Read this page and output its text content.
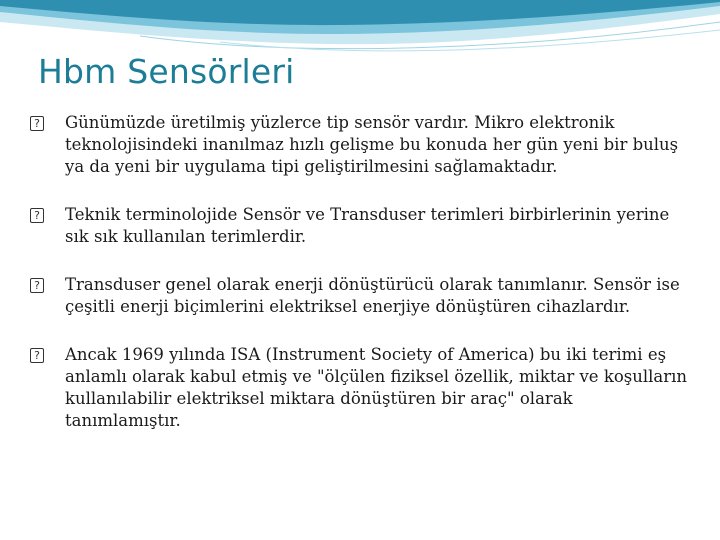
Hbm Sensörleri
? Günümüzde üretilmiş yüzlerce tip sensör vardır. Mikro elektronik teknolojisindeki inanılmaz hızlı gelişme bu konuda her gün yeni bir buluş ya da yeni bir uygulama tipi geliştirilmesini sağlamaktadır.
? Teknik terminolojide Sensör ve Transduser terimleri birbirlerinin yerine sık sık kullanılan terimlerdir.
? Transduser genel olarak enerji dönüştürücü olarak tanımlanır. Sensör ise çeşitli enerji biçimlerini elektriksel enerjiye dönüştüren cihazlardır.
? Ancak 1969 yılında ISA (Instrument Society of America) bu iki terimi eş anlamlı olarak kabul etmiş ve "ölçülen fiziksel özellik, miktar ve koşulların kullanılabilir elektriksel miktara dönüştüren bir araç" olarak tanımlamıştır.
